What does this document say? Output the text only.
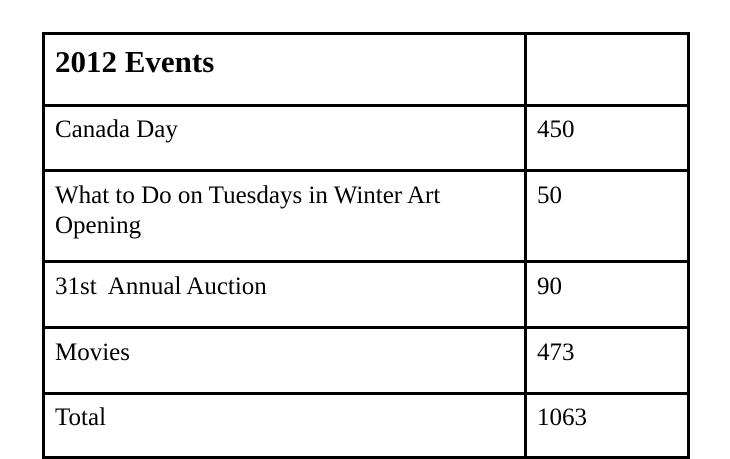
2012 Events	
Canada Day	450
What to Do on Tuesdays in Winter Art Opening	50
31st  Annual Auction	90
Movies	473
Total	1063
